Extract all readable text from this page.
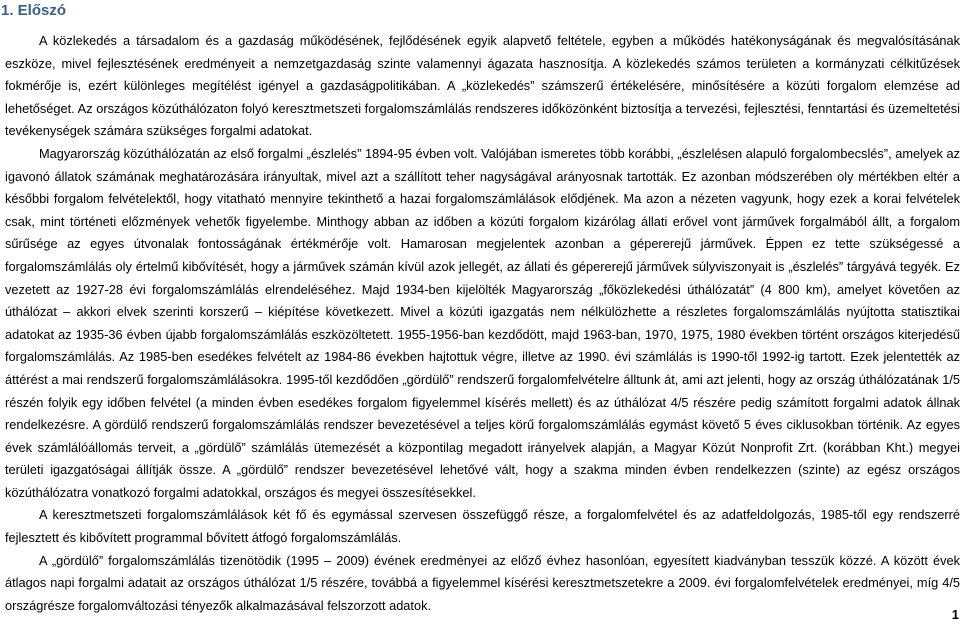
1. Előszó

A közlekedés a társadalom és a gazdaság működésének, fejlődésének egyik alapvető feltétele, egyben a működés hatékonyságának és megvalósításának eszköze, mivel fejlesztésének eredményeit a nemzetgazdaság szinte valamennyi ágazata hasznosítja. A közlekedés számos területen a kormányzati célkitűzések fokmérője is, ezért különleges megítélést igényel a gazdaságpolitikában. A „közlekedés” számszerű értékelésére, minősítésére a közúti forgalom elemzése ad lehetőséget. Az országos közúthálózaton folyó keresztmetszeti forgalomszámlálás rendszeres időközönként biztosítja a tervezési, fejlesztési, fenntartási és üzemeltetési tevékenységek számára szükséges forgalmi adatokat.

Magyarország közúthálózatán az első forgalmi „észlelés” 1894-95 évben volt. Valójában ismeretes több korábbi, „észlelésen alapuló forgalombecslés”, amelyek az igavonó állatok számának meghatározására irányultak, mivel azt a szállított teher nagyságával arányosnak tartották. Ez azonban módszerében oly mértékben eltér a későbbi forgalom felvételektől, hogy vitatható mennyire tekinthető a hazai forgalomszámlálások elődjének. Ma azon a nézeten vagyunk, hogy ezek a korai felvételek csak, mint történeti előzmények vehetők figyelembe. Minthogy abban az időben a közúti forgalom kizárólag állati erővel vont járművek forgalmából állt, a forgalom sűrűsége az egyes útvonalak fontosságának értékmérője volt. Hamarosan megjelentek azonban a gépererejű járművek. Éppen ez tette szükségessé a forgalomszámlálás oly értelmű kibővítését, hogy a járművek számán kívül azok jellegét, az állati és gépererejű járművek súlyviszonyait is „észlelés” tárgyává tegyék. Ez vezetett az 1927-28 évi forgalomszámlálás elrendeléséhez. Majd 1934-ben kijelölték Magyarország „főközlekedési úthálózatát” (4 800 km), amelyet követően az úthálózat – akkori elvek szerinti korszerű – kiépítése következett. Mivel a közúti igazgatás nem nélkülözhette a részletes forgalomszámlálás nyújtotta statisztikai adatokat az 1935-36 évben újabb forgalomszámlálás eszközöltetett. 1955-1956-ban kezdődött, majd 1963-ban, 1970, 1975, 1980 években történt országos kiterjedésű forgalomszámlálás. Az 1985-ben esedékes felvételt az 1984-86 években hajtottuk végre, illetve az 1990. évi számlálás is 1990-től 1992-ig tartott. Ezek jelentették az áttérést a mai rendszerű forgalomszámlálásokra. 1995-től kezdődően „gördülő” rendszerű forgalomfelvételre álltunk át, ami azt jelenti, hogy az ország úthálózatának 1/5 részén folyik egy időben felvétel (a minden évben esedékes forgalom figyelemmel kísérés mellett) és az úthálózat 4/5 részére pedig számított forgalmi adatok állnak rendelkezésre. A gördülő rendszerű forgalomszámlálás rendszer bevezetésével a teljes körű forgalomszámlálás egymást követő 5 éves ciklusokban történik. Az egyes évek számlálóállomás terveit, a „gördülő” számlálás ütemezését a központilag megadott irányelvek alapján, a Magyar Közút Nonprofit Zrt. (korábban Kht.) megyei területi igazgatóságai állítják össze. A „gördülő” rendszer bevezetésével lehetővé vált, hogy a szakma minden évben rendelkezzen (szinte) az egész országos közúthálózatra vonatkozó forgalmi adatokkal, országos és megyei összesítésekkel.

A keresztmetszeti forgalomszámlálások két fő és egymással szervesen összefüggő része, a forgalomfelvétel és az adatfeldolgozás, 1985-től egy rendszerré fejlesztett és kibővített programmal bővített átfogó forgalomszámlálás.

A „gördülő” forgalomszámlálás tizenötödik (1995 – 2009) évének eredményei az előző évhez hasonlóan, egyesített kiadványban tesszük közzé. A között évek átlagos napi forgalmi adatait az országos úthálózat 1/5 részére, továbbá a figyelemmel kísérési keresztmetszetekre a 2009. évi forgalomfelvételek eredményei, míg 4/5 országrésze forgalomváltozási tényezők alkalmazásával felszorzott adatok.

1
